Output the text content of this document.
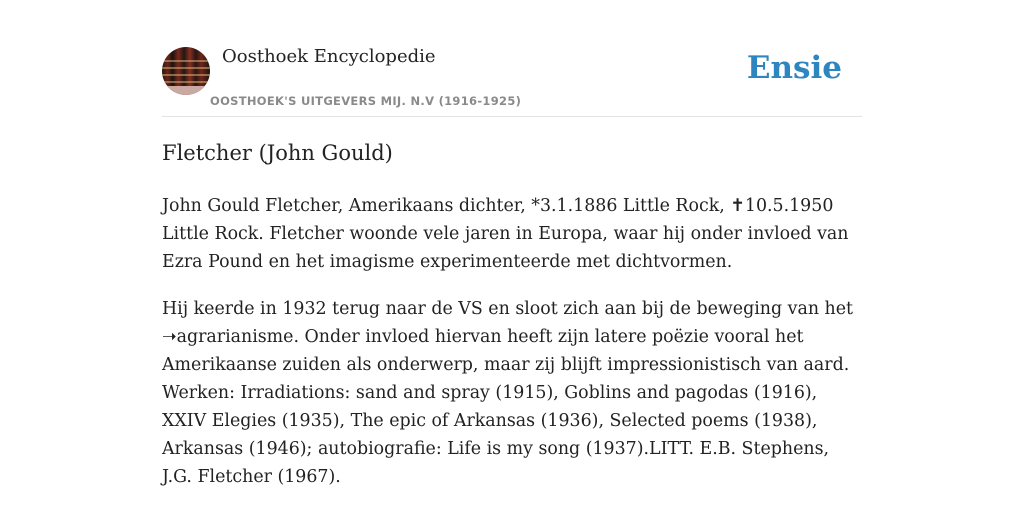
Oosthoek Encyclopedie
OOSTHOEK'S UITGEVERS MIJ. N.V (1916-1925)
Ensie
Fletcher (John Gould)

John Gould Fletcher, Amerikaans dichter, *3.1.1886 Little Rock, ✝10.5.1950 Little Rock. Fletcher woonde vele jaren in Europa, waar hij onder invloed van Ezra Pound en het imagisme experimenteerde met dichtvormen.

Hij keerde in 1932 terug naar de VS en sloot zich aan bij de beweging van het ➝agrarianisme. Onder invloed hiervan heeft zijn latere poëzie vooral het Amerikaanse zuiden als onderwerp, maar zij blijft impressionistisch van aard. Werken: Irradiations: sand and spray (1915), Goblins and pagodas (1916), XXIV Elegies (1935), The epic of Arkansas (1936), Selected poems (1938), Arkansas (1946); autobiografie: Life is my song (1937).LITT. E.B. Stephens, J.G. Fletcher (1967).
